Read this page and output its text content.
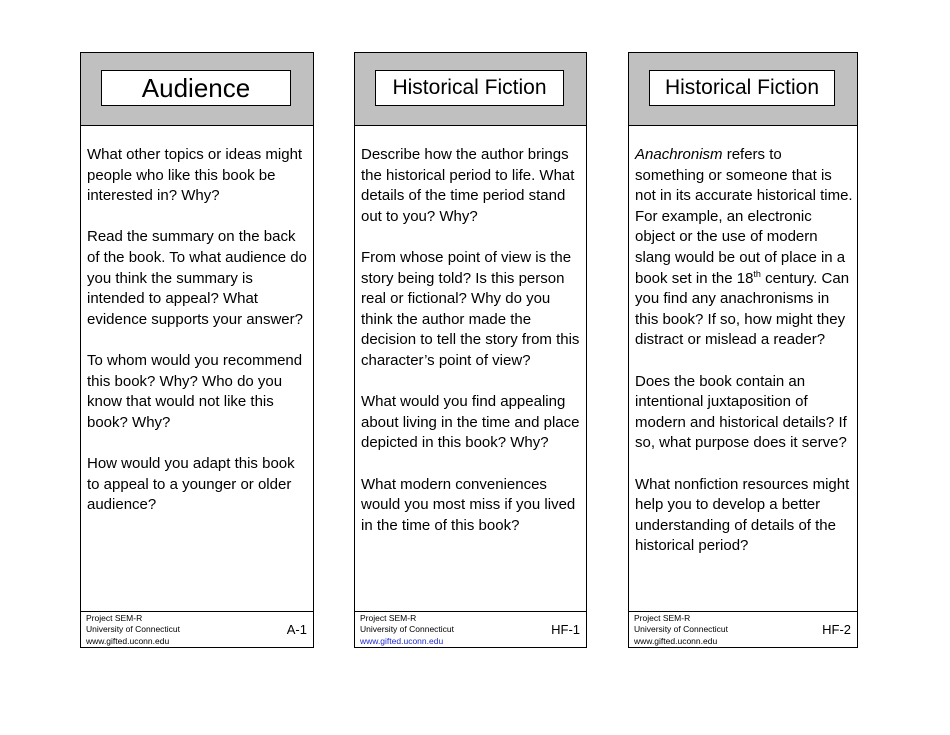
Audience

What other topics or ideas might people who like this book be interested in? Why?

Read the summary on the back of the book. To what audience do you think the summary is intended to appeal? What evidence supports your answer?

To whom would you recommend this book? Why? Who do you know that would not like this book? Why?

How would you adapt this book to appeal to a younger or older audience?

Project SEM-R
University of Connecticut
www.gifted.uconn.edu
A-1
Historical Fiction

Describe how the author brings the historical period to life. What details of the time period stand out to you? Why?

From whose point of view is the story being told? Is this person real or fictional? Why do you think the author made the decision to tell the story from this character’s point of view?

What would you find appealing about living in the time and place depicted in this book? Why?

What modern conveniences would you most miss if you lived in the time of this book?

Project SEM-R
University of Connecticut
www.gifted.uconn.edu
HF-1
Historical Fiction

Anachronism refers to something or someone that is not in its accurate historical time. For example, an electronic object or the use of modern slang would be out of place in a book set in the 18th century. Can you find any anachronisms in this book? If so, how might they distract or mislead a reader?

Does the book contain an intentional juxtaposition of modern and historical details? If so, what purpose does it serve?

What nonfiction resources might help you to develop a better understanding of details of the historical period?

Project SEM-R
University of Connecticut
www.gifted.uconn.edu
HF-2
